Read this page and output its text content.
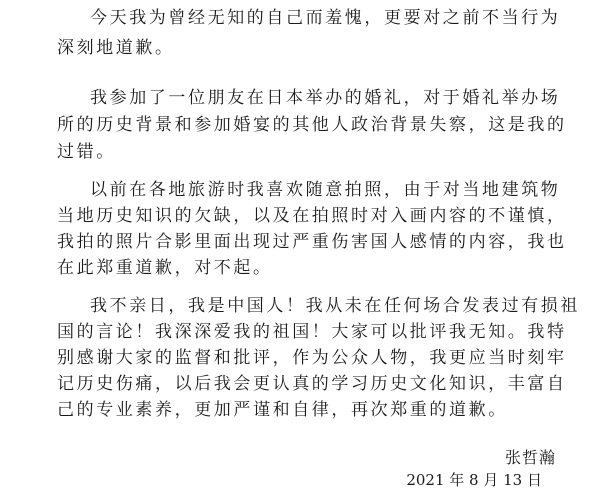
今天我为曾经无知的自己而羞愧，更要对之前不当行为
深刻地道歉。
我参加了一位朋友在日本举办的婚礼，对于婚礼举办场
所的历史背景和参加婚宴的其他人政治背景失察，这是我的
过错。
以前在各地旅游时我喜欢随意拍照，由于对当地建筑物
当地历史知识的欠缺，以及在拍照时对入画内容的不谨慎，
我拍的照片合影里面出现过严重伤害国人感情的内容，我也
在此郑重道歉，对不起。
我不亲日，我是中国人！我从未在任何场合发表过有损祖
国的言论！我深深爱我的祖国！大家可以批评我无知。我特
别感谢大家的监督和批评，作为公众人物，我更应当时刻牢
记历史伤痛，以后我会更认真的学习历史文化知识，丰富自
己的专业素养，更加严谨和自律，再次郑重的道歉。
张哲瀚
2021 年 8 月 13 日
